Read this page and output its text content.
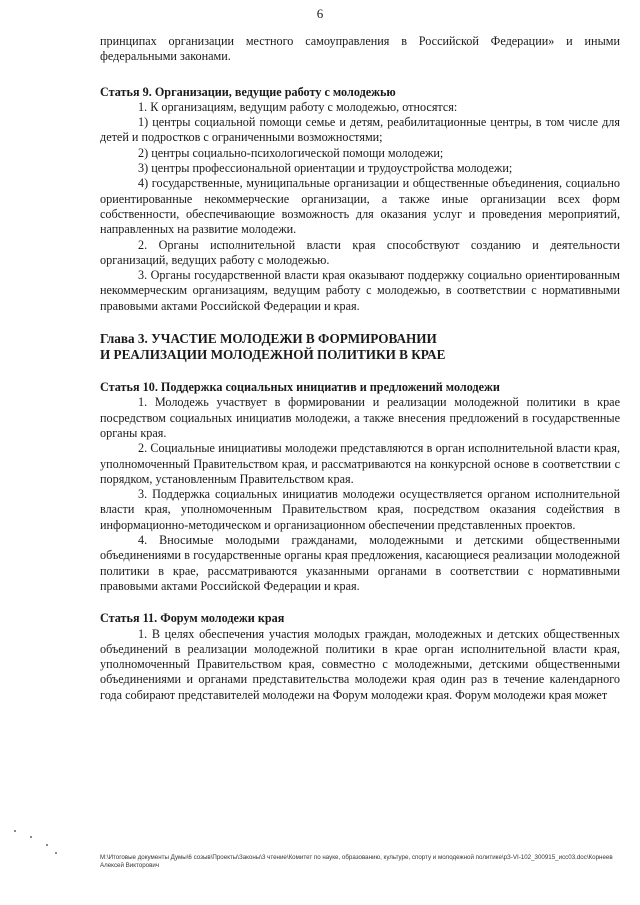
6

принципах организации местного самоуправления в Российской Федерации» и иными федеральными законами.

Статья 9. Организации, ведущие работу с молодежью

1. К организациям, ведущим работу с молодежью, относятся:

1) центры социальной помощи семье и детям, реабилитационные центры, в том числе для детей и подростков с ограниченными возможностями;

2) центры социально-психологической помощи молодежи;

3) центры профессиональной ориентации и трудоустройства молодежи;

4) государственные, муниципальные организации и общественные объединения, социально ориентированные некоммерческие организации, а также иные организации всех форм собственности, обеспечивающие возможность для оказания услуг и проведения мероприятий, направленных на развитие молодежи.

2. Органы исполнительной власти края способствуют созданию и деятельности организаций, ведущих работу с молодежью.

3. Органы государственной власти края оказывают поддержку социально ориентированным некоммерческим организациям, ведущим работу с молодежью, в соответствии с нормативными правовыми актами Российской Федерации и края.

Глава 3. УЧАСТИЕ МОЛОДЕЖИ В ФОРМИРОВАНИИ

И РЕАЛИЗАЦИИ МОЛОДЕЖНОЙ ПОЛИТИКИ В КРАЕ

Статья 10. Поддержка социальных инициатив и предложений молодежи

1. Молодежь участвует в формировании и реализации молодежной политики в крае посредством социальных инициатив молодежи, а также внесения предложений в государственные органы края.

2. Социальные инициативы молодежи представляются в орган исполнительной власти края, уполномоченный Правительством края, и рассматриваются на конкурсной основе в соответствии с порядком, установленным Правительством края.

3. Поддержка социальных инициатив молодежи осуществляется органом исполнительной власти края, уполномоченным Правительством края, посредством оказания содействия в информационно-методическом и организационном обеспечении представленных проектов.

4. Вносимые молодыми гражданами, молодежными и детскими общественными объединениями в государственные органы края предложения, касающиеся реализации молодежной политики в крае, рассматриваются указанными органами в соответствии с нормативными правовыми актами Российской Федерации и края.

Статья 11. Форум молодежи края

1. В целях обеспечения участия молодых граждан, молодежных и детских общественных объединений в реализации молодежной политики в крае орган исполнительной власти края, уполномоченный Правительством края, совместно с молодежными, детскими общественными объединениями и органами представительства молодежи края один раз в течение календарного года собирают представителей молодежи на Форум молодежи края. Форум молодежи края может

M:\Итоговые документы Думы\6 созыв\Проекты\Законы\3 чтение\Комитет по науке, образованию, культуре, спорту и молодежной политике\рЗ-VI-102_300915_исс03.doc\Корнеев Алексей Викторович
